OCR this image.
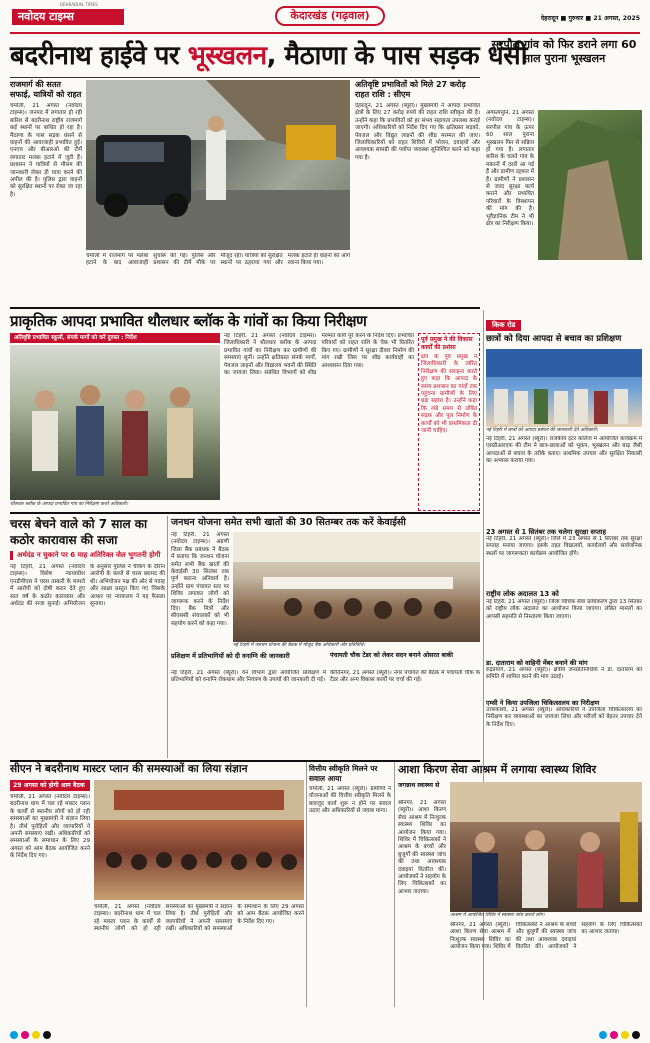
नवोदय टाइम्स
DEHRADUN, TIMES
केदारखंड (गढ़वाल)	देहरादून ■ गुरुवार ■ 21 अगस्त, 2025
बदरीनाथ हाईवे पर भूस्खलन, मैठाणा के पास सड़क धंसी
राजमार्ग की सतत सफाई, यात्रियों को राहत
चमोली, 21 अगस्त (नवोदय टाइम्स)। जनपद में लगातार हो रही बारिश से बदरीनाथ राष्ट्रीय राजमार्ग कई स्थानों पर बाधित हो रहा है। मैठाणा के पास सड़क धंसने से वाहनों की आवाजाही प्रभावित हुई। एनएच और बीआरओ की टीमें लगातार मलबा हटाने में जुटी हैं। प्रशासन ने यात्रियों से मौसम की जानकारी लेकर ही यात्रा करने की अपील की है। पुलिस द्वारा वाहनों को सुरक्षित स्थानों पर रोका जा रहा है।
चमोली में राजमार्ग पर मलबा हटाने के बाद आवाजाही सुचारू की गई। पुलिस और प्रशासन की टीमें मौके पर मौजूद रहीं। यात्रियों को सुरक्षित स्थानों पर ठहराया गया और मलबा हटाते ही वाहनों को आगे रवाना किया गया।
अतिवृष्टि प्रभावितों को मिले 27 करोड़ राहत राशि : सीएम
देहरादून, 21 अगस्त (ब्यूरो)। मुख्यमंत्री ने आपदा प्रभावित क्षेत्रों के लिए 27 करोड़ रुपये की राहत राशि स्वीकृत की है। उन्होंने कहा कि प्रभावितों को हर संभव सहायता उपलब्ध कराई जाएगी। अधिकारियों को निर्देश दिए गए कि क्षतिग्रस्त सड़कों, पेयजल और विद्युत लाइनों की शीघ्र मरम्मत की जाए। जिलाधिकारियों को राहत शिविरों में भोजन, दवाइयों और आवश्यक सामग्री की पर्याप्त व्यवस्था सुनिश्चित करने को कहा गया है।
सरपौल गांव को फिर डराने लगा 60 साल पुराना भूस्खलन
अगस्त्यमुनि, 21 अगस्त (नवोदय टाइम्स)। सरपौल गांव के ऊपर 60 साल पुराना भूस्खलन फिर से सक्रिय हो गया है। लगातार बारिश के चलते गांव के मकानों में दरारें आ गई हैं और ग्रामीण दहशत में हैं। ग्रामीणों ने प्रशासन से जल्द सुरक्षा कार्य कराने और प्रभावित परिवारों के विस्थापन की मांग की है। भूवैज्ञानिक टीम ने भी क्षेत्र का निरीक्षण किया।
प्राकृतिक आपदा प्रभावित थौलधार ब्लॉक के गांवों का किया निरीक्षण
अतिवृष्टि प्रभावित स्कूलों, संपर्क मार्गों को करें दुरुस्त : निर्देश
थौलधार ब्लॉक के आपदा प्रभावित गांव का निरीक्षण करते अधिकारी।
नई टिहरी, 21 अगस्त (नवोदय टाइम्स)। जिलाधिकारी ने थौलधार ब्लॉक के आपदा प्रभावित गांवों का निरीक्षण कर ग्रामीणों की समस्याएं सुनीं। उन्होंने क्षतिग्रस्त संपर्क मार्गों, पेयजल लाइनों और विद्यालय भवनों की स्थिति का जायजा लिया। संबंधित विभागों को शीघ्र मरम्मत कार्य पूरे करने के निर्देश दिए। प्रभावित परिवारों को राहत राशि के चेक भी वितरित किए गए। ग्रामीणों ने सुरक्षा दीवार निर्माण की मांग रखी जिस पर शीघ्र कार्यवाही का आश्वासन दिया गया।
पूर्व प्रमुख ने की विकास कार्यों की प्रशंसा
क्षेत्र के पूर्व प्रमुख ने जिलाधिकारी के त्वरित निरीक्षण की सराहना करते हुए कहा कि आपदा के समय प्रशासन का गांवों तक पहुंचना ग्रामीणों के लिए बड़ा सहारा है। उन्होंने कहा कि लंबे समय से लंबित सड़क और पुल निर्माण के कार्यों को भी प्राथमिकता दी जानी चाहिए।
किक रोड
छात्रों को दिया आपदा से बचाव का प्रशिक्षण
नई टिहरी में छात्रों को आपदा प्रबंधन की जानकारी देते अधिकारी।
नई टिहरी, 21 अगस्त (ब्यूरो)। राजकीय इंटर कॉलेज में आयोजित कार्यक्रम में एसडीआरएफ की टीम ने छात्र-छात्राओं को भूकंप, भूस्खलन और बाढ़ जैसी आपदाओं से बचाव के तरीके बताए। प्राथमिक उपचार और सुरक्षित निकासी का अभ्यास कराया गया।
23 अगस्त से 1 सितंबर तक चलेगा सुरक्षा सप्ताह
नई टिहरी, 21 अगस्त (ब्यूरो)। जिले में 23 अगस्त से 1 सितंबर तक सुरक्षा सप्ताह मनाया जाएगा। इसके तहत विद्यालयों, कार्यालयों और सार्वजनिक स्थलों पर जागरूकता कार्यक्रम आयोजित होंगे।
राष्ट्रीय लोक अदालत 13 को
नई टिहरी, 21 अगस्त (ब्यूरो)। जिला विधिक सेवा प्राधिकरण द्वारा 13 सितंबर को राष्ट्रीय लोक अदालत का आयोजन किया जाएगा। लंबित मामलों का आपसी सहमति से निस्तारण किया जाएगा।
डा. दाताराम को वाहिनी मेंबर बनाने की मांग
रुद्रप्रयाग, 21 अगस्त (ब्यूरो)। क्षेत्रीय जनप्रतिनिधियों ने डा. दाताराम को समिति में शामिल करने की मांग उठाई।
एम्सी ने किया उपजिला चिकित्सालय का निरीक्षण
उत्तरकाशी, 21 अगस्त (ब्यूरो)। अधिकारियों ने उपजिला चिकित्सालय का निरीक्षण कर व्यवस्थाओं का जायजा लिया और मरीजों को बेहतर उपचार देने के निर्देश दिए।
चरस बेचने वाले को 7 साल का कठोर कारावास की सजा
अर्थदंड न चुकाने पर 6 माह अतिरिक्त जेल भुगतनी होगी
नई टिहरी, 21 अगस्त (नवोदय टाइम्स)। विशेष न्यायाधीश एनडीपीएस ने चरस तस्करी के मामले में आरोपी को दोषी करार देते हुए सात वर्ष के कठोर कारावास और अर्थदंड की सजा सुनाई। अभियोजन के अनुसार पुलिस ने चेकिंग के दौरान आरोपी के कब्जे से चरस बरामद की थी। अभियोजन पक्ष की ओर से गवाह और साक्ष्य प्रस्तुत किए गए जिसके आधार पर न्यायालय ने यह फैसला सुनाया।
जनधन योजना समेत सभी खातों की 30 सितम्बर तक करें केवाईसी
नई टिहरी, 21 अगस्त (नवोदय टाइम्स)। अग्रणी जिला बैंक प्रबंधक ने बैठक में बताया कि जनधन योजना समेत सभी बैंक खातों की केवाईसी 30 सितंबर तक पूर्ण कराना अनिवार्य है। उन्होंने ग्राम पंचायत स्तर पर शिविर लगाकर लोगों को जागरूक करने के निर्देश दिए। बैंक मित्रों और सीएससी संचालकों को भी सहयोग करने को कहा गया।
नई टिहरी में जनधन योजना की बैठक में मौजूद बैंक अधिकारी और प्रतिनिधि।
प्रशिक्षण में प्रतिभागियों को दी वनाग्नि की जानकारी
नई टिहरी, 21 अगस्त (ब्यूरो)। वन विभाग द्वारा आयोजित प्रशिक्षण में प्रतिभागियों को वनाग्नि रोकथाम और नियंत्रण के उपायों की जानकारी दी गई।
पंचायती चौक टेंडर को लेकर सदन बनाने ओसरत बाकी
कीर्तिनगर, 21 अगस्त (ब्यूरो)। नगर पंचायत की बैठक में पंचायती चौक के टेंडर और अन्य विकास कार्यों पर चर्चा की गई।
सीएन ने बदरीनाथ मास्टर प्लान की समस्याओं का लिया संज्ञान
29 अगस्त को होगी आम बैठक
चमोली, 21 अगस्त (नवोदय टाइम्स)। बदरीनाथ धाम में चल रहे मास्टर प्लान के कार्यों से स्थानीय लोगों को हो रही समस्याओं का मुख्यमंत्री ने संज्ञान लिया है। तीर्थ पुरोहितों और व्यापारियों ने अपनी समस्याएं रखीं। अधिकारियों को समस्याओं के समाधान के लिए 29 अगस्त को आम बैठक आयोजित करने के निर्देश दिए गए।
चमोली, 21 अगस्त (नवोदय टाइम्स)। बदरीनाथ धाम में चल रहे मास्टर प्लान के कार्यों से स्थानीय लोगों को हो रही समस्याओं का मुख्यमंत्री ने संज्ञान लिया है। तीर्थ पुरोहितों और व्यापारियों ने अपनी समस्याएं रखीं। अधिकारियों को समस्याओं के समाधान के लिए 29 अगस्त को आम बैठक आयोजित करने के निर्देश दिए गए।
वित्तीय स्वीकृति मिलने पर सवाल आया
चमोली, 21 अगस्त (ब्यूरो)। ग्रामीणों ने योजनाओं की वित्तीय स्वीकृति मिलने के बावजूद कार्य शुरू न होने पर सवाल उठाए और अधिकारियों से जवाब मांगा।
आशा किरण सेवा आश्रम में लगाया स्वास्थ्य शिविर
जगन्नाथ स्वास्थ्य से
श्रीनगर, 21 अगस्त (ब्यूरो)। आशा किरण सेवा आश्रम में निःशुल्क स्वास्थ्य शिविर का आयोजन किया गया। शिविर में चिकित्सकों ने आश्रम के बच्चों और बुजुर्गों की स्वास्थ्य जांच की तथा आवश्यक दवाइयां वितरित कीं। आयोजकों ने सहयोग के लिए चिकित्सकों का आभार जताया।
आश्रम में आयोजित शिविर में स्वास्थ्य जांच कराते लोग।
श्रीनगर, 21 अगस्त (ब्यूरो)। आशा किरण सेवा आश्रम में निःशुल्क स्वास्थ्य शिविर का आयोजन किया गया। शिविर में चिकित्सकों ने आश्रम के बच्चों और बुजुर्गों की स्वास्थ्य जांच की तथा आवश्यक दवाइयां वितरित कीं। आयोजकों ने सहयोग के लिए चिकित्सकों का आभार जताया।
